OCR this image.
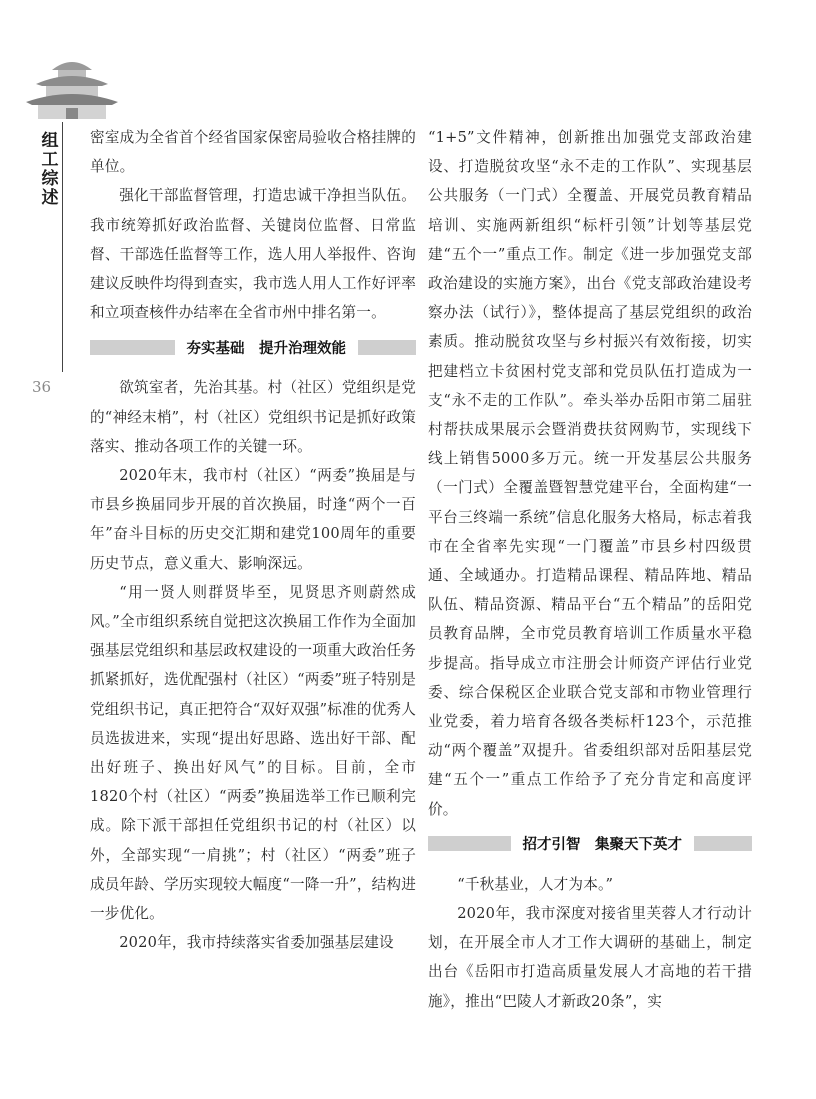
组工综述
36

密室成为全省首个经省国家保密局验收合格挂牌的单位。

强化干部监督管理，打造忠诚干净担当队伍。我市统筹抓好政治监督、关键岗位监督、日常监督、干部选任监督等工作，选人用人举报件、咨询建议反映件均得到查实，我市选人用人工作好评率和立项查核件办结率在全省市州中排名第一。

夯实基础　提升治理效能

欲筑室者，先治其基。村（社区）党组织是党的“神经末梢”，村（社区）党组织书记是抓好政策落实、推动各项工作的关键一环。

2020年末，我市村（社区）“两委”换届是与市县乡换届同步开展的首次换届，时逢“两个一百年”奋斗目标的历史交汇期和建党100周年的重要历史节点，意义重大、影响深远。

“用一贤人则群贤毕至，见贤思齐则蔚然成风。”全市组织系统自觉把这次换届工作作为全面加强基层党组织和基层政权建设的一项重大政治任务抓紧抓好，选优配强村（社区）“两委”班子特别是党组织书记，真正把符合“双好双强”标准的优秀人员选拔进来，实现“提出好思路、选出好干部、配出好班子、换出好风气”的目标。目前，全市1820个村（社区）“两委”换届选举工作已顺利完成。除下派干部担任党组织书记的村（社区）以外，全部实现“一肩挑”；村（社区）“两委”班子成员年龄、学历实现较大幅度“一降一升”，结构进一步优化。

2020年，我市持续落实省委加强基层建设

“1+5”文件精神，创新推出加强党支部政治建设、打造脱贫攻坚“永不走的工作队”、实现基层公共服务（一门式）全覆盖、开展党员教育精品培训、实施两新组织“标杆引领”计划等基层党建“五个一”重点工作。制定《进一步加强党支部政治建设的实施方案》，出台《党支部政治建设考察办法（试行）》，整体提高了基层党组织的政治素质。推动脱贫攻坚与乡村振兴有效衔接，切实把建档立卡贫困村党支部和党员队伍打造成为一支“永不走的工作队”。牵头举办岳阳市第二届驻村帮扶成果展示会暨消费扶贫网购节，实现线下线上销售5000多万元。统一开发基层公共服务（一门式）全覆盖暨智慧党建平台，全面构建“一平台三终端一系统”信息化服务大格局，标志着我市在全省率先实现“一门覆盖”市县乡村四级贯通、全域通办。打造精品课程、精品阵地、精品队伍、精品资源、精品平台“五个精品”的岳阳党员教育品牌，全市党员教育培训工作质量水平稳步提高。指导成立市注册会计师资产评估行业党委、综合保税区企业联合党支部和市物业管理行业党委，着力培育各级各类标杆123个，示范推动“两个覆盖”双提升。省委组织部对岳阳基层党建“五个一”重点工作给予了充分肯定和高度评价。

招才引智　集聚天下英才

“千秋基业，人才为本。”

2020年，我市深度对接省里芙蓉人才行动计划，在开展全市人才工作大调研的基础上，制定出台《岳阳市打造高质量发展人才高地的若干措施》，推出“巴陵人才新政20条”，实
